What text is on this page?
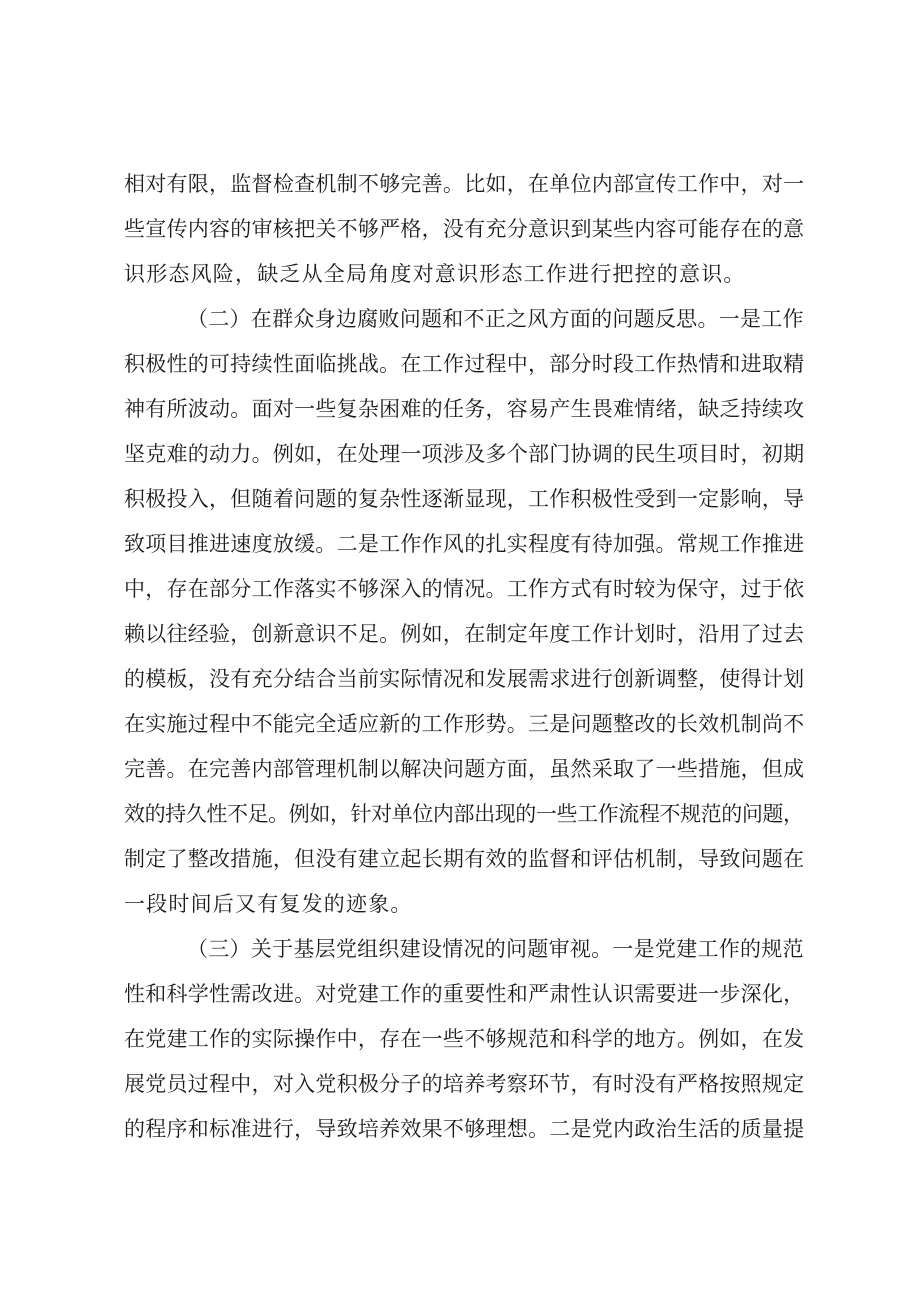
相对有限，监督检查机制不够完善。比如，在单位内部宣传工作中，对一
些宣传内容的审核把关不够严格，没有充分意识到某些内容可能存在的意
识形态风险，缺乏从全局角度对意识形态工作进行把控的意识。
（二）在群众身边腐败问题和不正之风方面的问题反思。一是工作
积极性的可持续性面临挑战。在工作过程中，部分时段工作热情和进取精
神有所波动。面对一些复杂困难的任务，容易产生畏难情绪，缺乏持续攻
坚克难的动力。例如，在处理一项涉及多个部门协调的民生项目时，初期
积极投入，但随着问题的复杂性逐渐显现，工作积极性受到一定影响，导
致项目推进速度放缓。二是工作作风的扎实程度有待加强。常规工作推进
中，存在部分工作落实不够深入的情况。工作方式有时较为保守，过于依
赖以往经验，创新意识不足。例如，在制定年度工作计划时，沿用了过去
的模板，没有充分结合当前实际情况和发展需求进行创新调整，使得计划
在实施过程中不能完全适应新的工作形势。三是问题整改的长效机制尚不
完善。在完善内部管理机制以解决问题方面，虽然采取了一些措施，但成
效的持久性不足。例如，针对单位内部出现的一些工作流程不规范的问题，
制定了整改措施，但没有建立起长期有效的监督和评估机制，导致问题在
一段时间后又有复发的迹象。
（三）关于基层党组织建设情况的问题审视。一是党建工作的规范
性和科学性需改进。对党建工作的重要性和严肃性认识需要进一步深化，
在党建工作的实际操作中，存在一些不够规范和科学的地方。例如，在发
展党员过程中，对入党积极分子的培养考察环节，有时没有严格按照规定
的程序和标准进行，导致培养效果不够理想。二是党内政治生活的质量提
